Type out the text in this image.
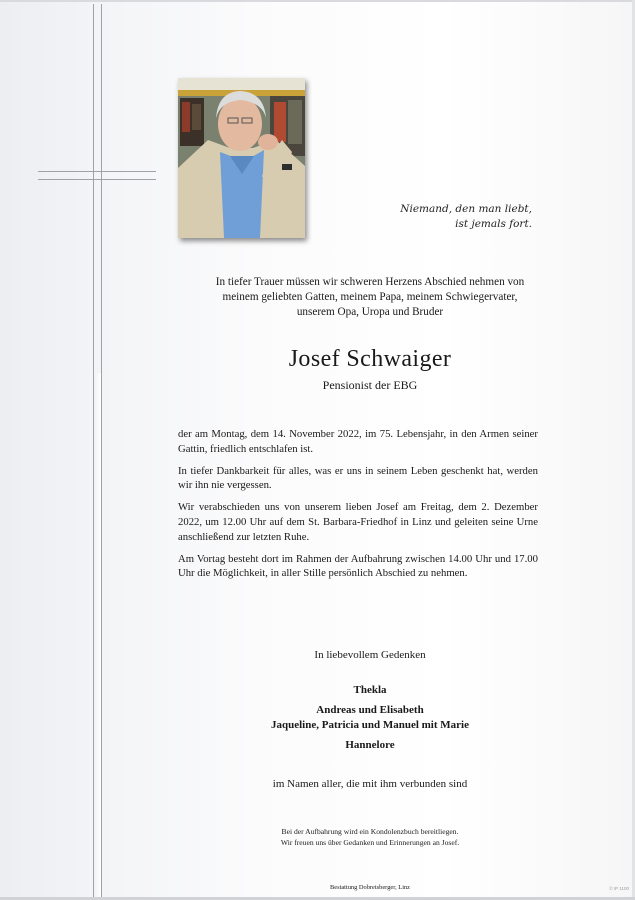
Niemand, den man liebt,
ist jemals fort.
In tiefer Trauer müssen wir schweren Herzens Abschied nehmen von
meinem geliebten Gatten, meinem Papa, meinem Schwiegervater,
unserem Opa, Uropa und Bruder
Josef Schwaiger
Pensionist der EBG

der am Montag, dem 14. November 2022, im 75. Lebensjahr, in den Armen seiner Gattin, friedlich entschlafen ist.

In tiefer Dankbarkeit für alles, was er uns in seinem Leben geschenkt hat, werden wir ihn nie vergessen.

Wir verabschieden uns von unserem lieben Josef am Freitag, dem 2. Dezember 2022, um 12.00 Uhr auf dem St. Barbara-Friedhof in Linz und geleiten seine Urne anschließend zur letzten Ruhe.

Am Vortag besteht dort im Rahmen der Aufbahrung zwischen 14.00 Uhr und 17.00 Uhr die Möglichkeit, in aller Stille persönlich Abschied zu nehmen.

In liebevollem Gedenken
Thekla
Andreas und Elisabeth
Jaqueline, Patricia und Manuel mit Marie
Hannelore
im Namen aller, die mit ihm verbunden sind
Bei der Aufbahrung wird ein Kondolenzbuch bereitliegen.
Wir freuen uns über Gedanken und Erinnerungen an Josef.
Bestattung Dobretsberger, Linz	© IP 1100
